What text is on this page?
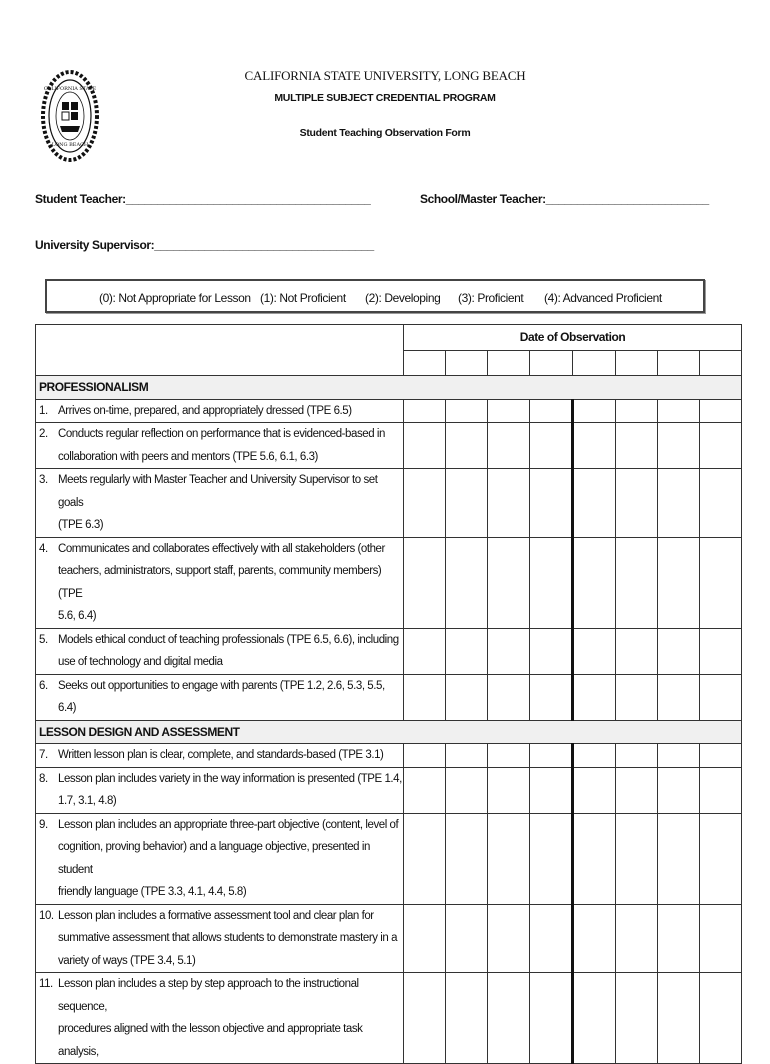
CALIFORNIA STATE
LONG BEACH
CALIFORNIA STATE UNIVERSITY, LONG BEACH
MULTIPLE SUBJECT CREDENTIAL PROGRAM
Student Teaching Observation Form
Student Teacher:_______________________________________	School/Master Teacher:__________________________
University Supervisor:___________________________________
(0): Not Appropriate for Lesson (1): Not Proficient (2): Developing (3): Proficient (4): Advanced Proficient
	Date of Observation							

PROFESSIONALISM								

1. Arrives on-time, prepared, and appropriately dressed (TPE 6.5)								

2. Conducts regular reflection on performance that is evidenced-based in
collaboration with peers and mentors (TPE 5.6, 6.1, 6.3)								

3. Meets regularly with Master Teacher and University Supervisor to set goals
(TPE 6.3)								

4. Communicates and collaborates effectively with all stakeholders (other
teachers, administrators, support staff, parents, community members) (TPE
5.6, 6.4)								

5. Models ethical conduct of teaching professionals (TPE 6.5, 6.6), including
use of technology and digital media								

6. Seeks out opportunities to engage with parents (TPE 1.2, 2.6, 5.3, 5.5, 6.4)								

LESSON DESIGN AND ASSESSMENT								

7. Written lesson plan is clear, complete, and standards-based (TPE 3.1)								

8. Lesson plan includes variety in the way information is presented (TPE 1.4,
1.7, 3.1, 4.8)								

9. Lesson plan includes an appropriate three-part objective (content, level of
cognition, proving behavior) and a language objective, presented in student
friendly language (TPE 3.3, 4.1, 4.4, 5.8)								

10. Lesson plan includes a formative assessment tool and clear plan for
summative assessment that allows students to demonstrate mastery in a
variety of ways (TPE 3.4, 5.1)								

11. Lesson plan includes a step by step approach to the instructional sequence,
procedures aligned with the lesson objective and appropriate task analysis,								
